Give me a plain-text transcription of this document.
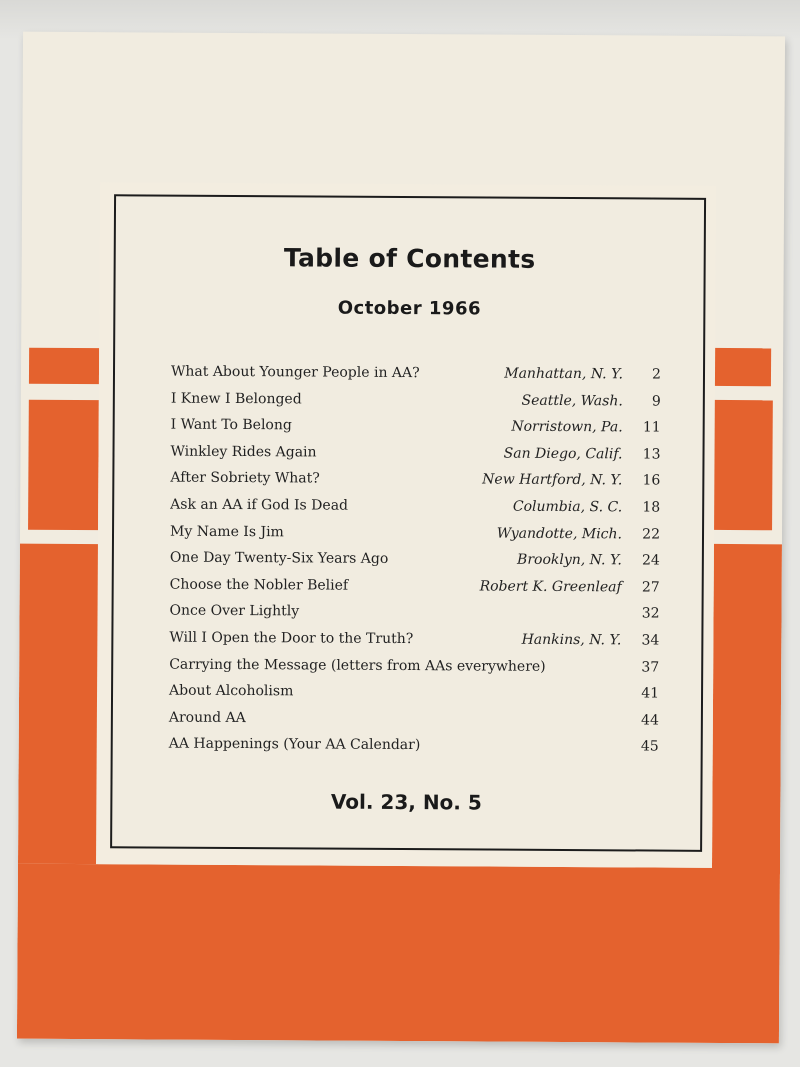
Table of Contents
October 1966
What About Younger People in AA?	Manhattan, N. Y.	2
I Knew I Belonged	Seattle, Wash.	9
I Want To Belong	Norristown, Pa.	11
Winkley Rides Again	San Diego, Calif.	13
After Sobriety What?	New Hartford, N. Y.	16
Ask an AA if God Is Dead	Columbia, S. C.	18
My Name Is Jim	Wyandotte, Mich.	22
One Day Twenty-Six Years Ago	Brooklyn, N. Y.	24
Choose the Nobler Belief	Robert K. Greenleaf	27
Once Over Lightly	32
Will I Open the Door to the Truth?	Hankins, N. Y.	34
Carrying the Message (letters from AAs everywhere)	37
About Alcoholism	41
Around AA	44
AA Happenings (Your AA Calendar)	45
Vol. 23, No. 5
